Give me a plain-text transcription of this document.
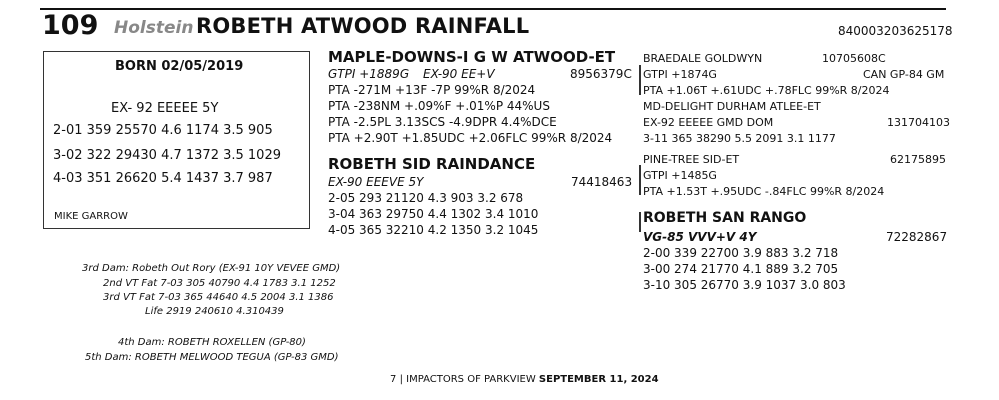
109 Holstein ROBETH ATWOOD RAINFALL	840003203625178
BORN 02/05/2019
EX- 92 EEEEE 5Y
2-01 359 25570 4.6 1174 3.5 905
3-02 322 29430 4.7 1372 3.5 1029
4-03 351 26620 5.4 1437 3.7 987
MIKE GARROW
MAPLE-DOWNS-I G W ATWOOD-ET
GTPI +1889G EX-90 EE+V	8956379C
PTA -271M +13F -7P 99%R 8/2024
PTA -238NM +.09%F +.01%P 44%US
PTA -2.5PL 3.13SCS -4.9DPR 4.4%DCE
PTA +2.90T +1.85UDC +2.06FLC 99%R 8/2024
ROBETH SID RAINDANCE
EX-90 EEEVE 5Y	74418463
2-05 293 21120 4.3 903 3.2 678
3-04 363 29750 4.4 1302 3.4 1010
4-05 365 32210 4.2 1350 3.2 1045
BRAEDALE GOLDWYN	10705608C
GTPI +1874G	CAN GP-84 GM
PTA +1.06T +.61UDC +.78FLC 99%R 8/2024
MD-DELIGHT DURHAM ATLEE-ET
EX-92 EEEEE GMD DOM	131704103
3-11 365 38290 5.5 2091 3.1 1177
PINE-TREE SID-ET	62175895
GTPI +1485G
PTA +1.53T +.95UDC -.84FLC 99%R 8/2024
ROBETH SAN RANGO
VG-85 VVV+V 4Y	72282867
2-00 339 22700 3.9 883 3.2 718
3-00 274 21770 4.1 889 3.2 705
3-10 305 26770 3.9 1037 3.0 803
3rd Dam: Robeth Out Rory (EX-91 10Y VEVEE GMD)
2nd VT Fat 7-03 305 40790 4.4 1783 3.1 1252
3rd VT Fat 7-03 365 44640 4.5 2004 3.1 1386
Life 2919 240610 4.310439
4th Dam: ROBETH ROXELLEN (GP-80)
5th Dam: ROBETH MELWOOD TEGUA (GP-83 GMD)
7 | IMPACTORS OF PARKVIEW SEPTEMBER 11, 2024
